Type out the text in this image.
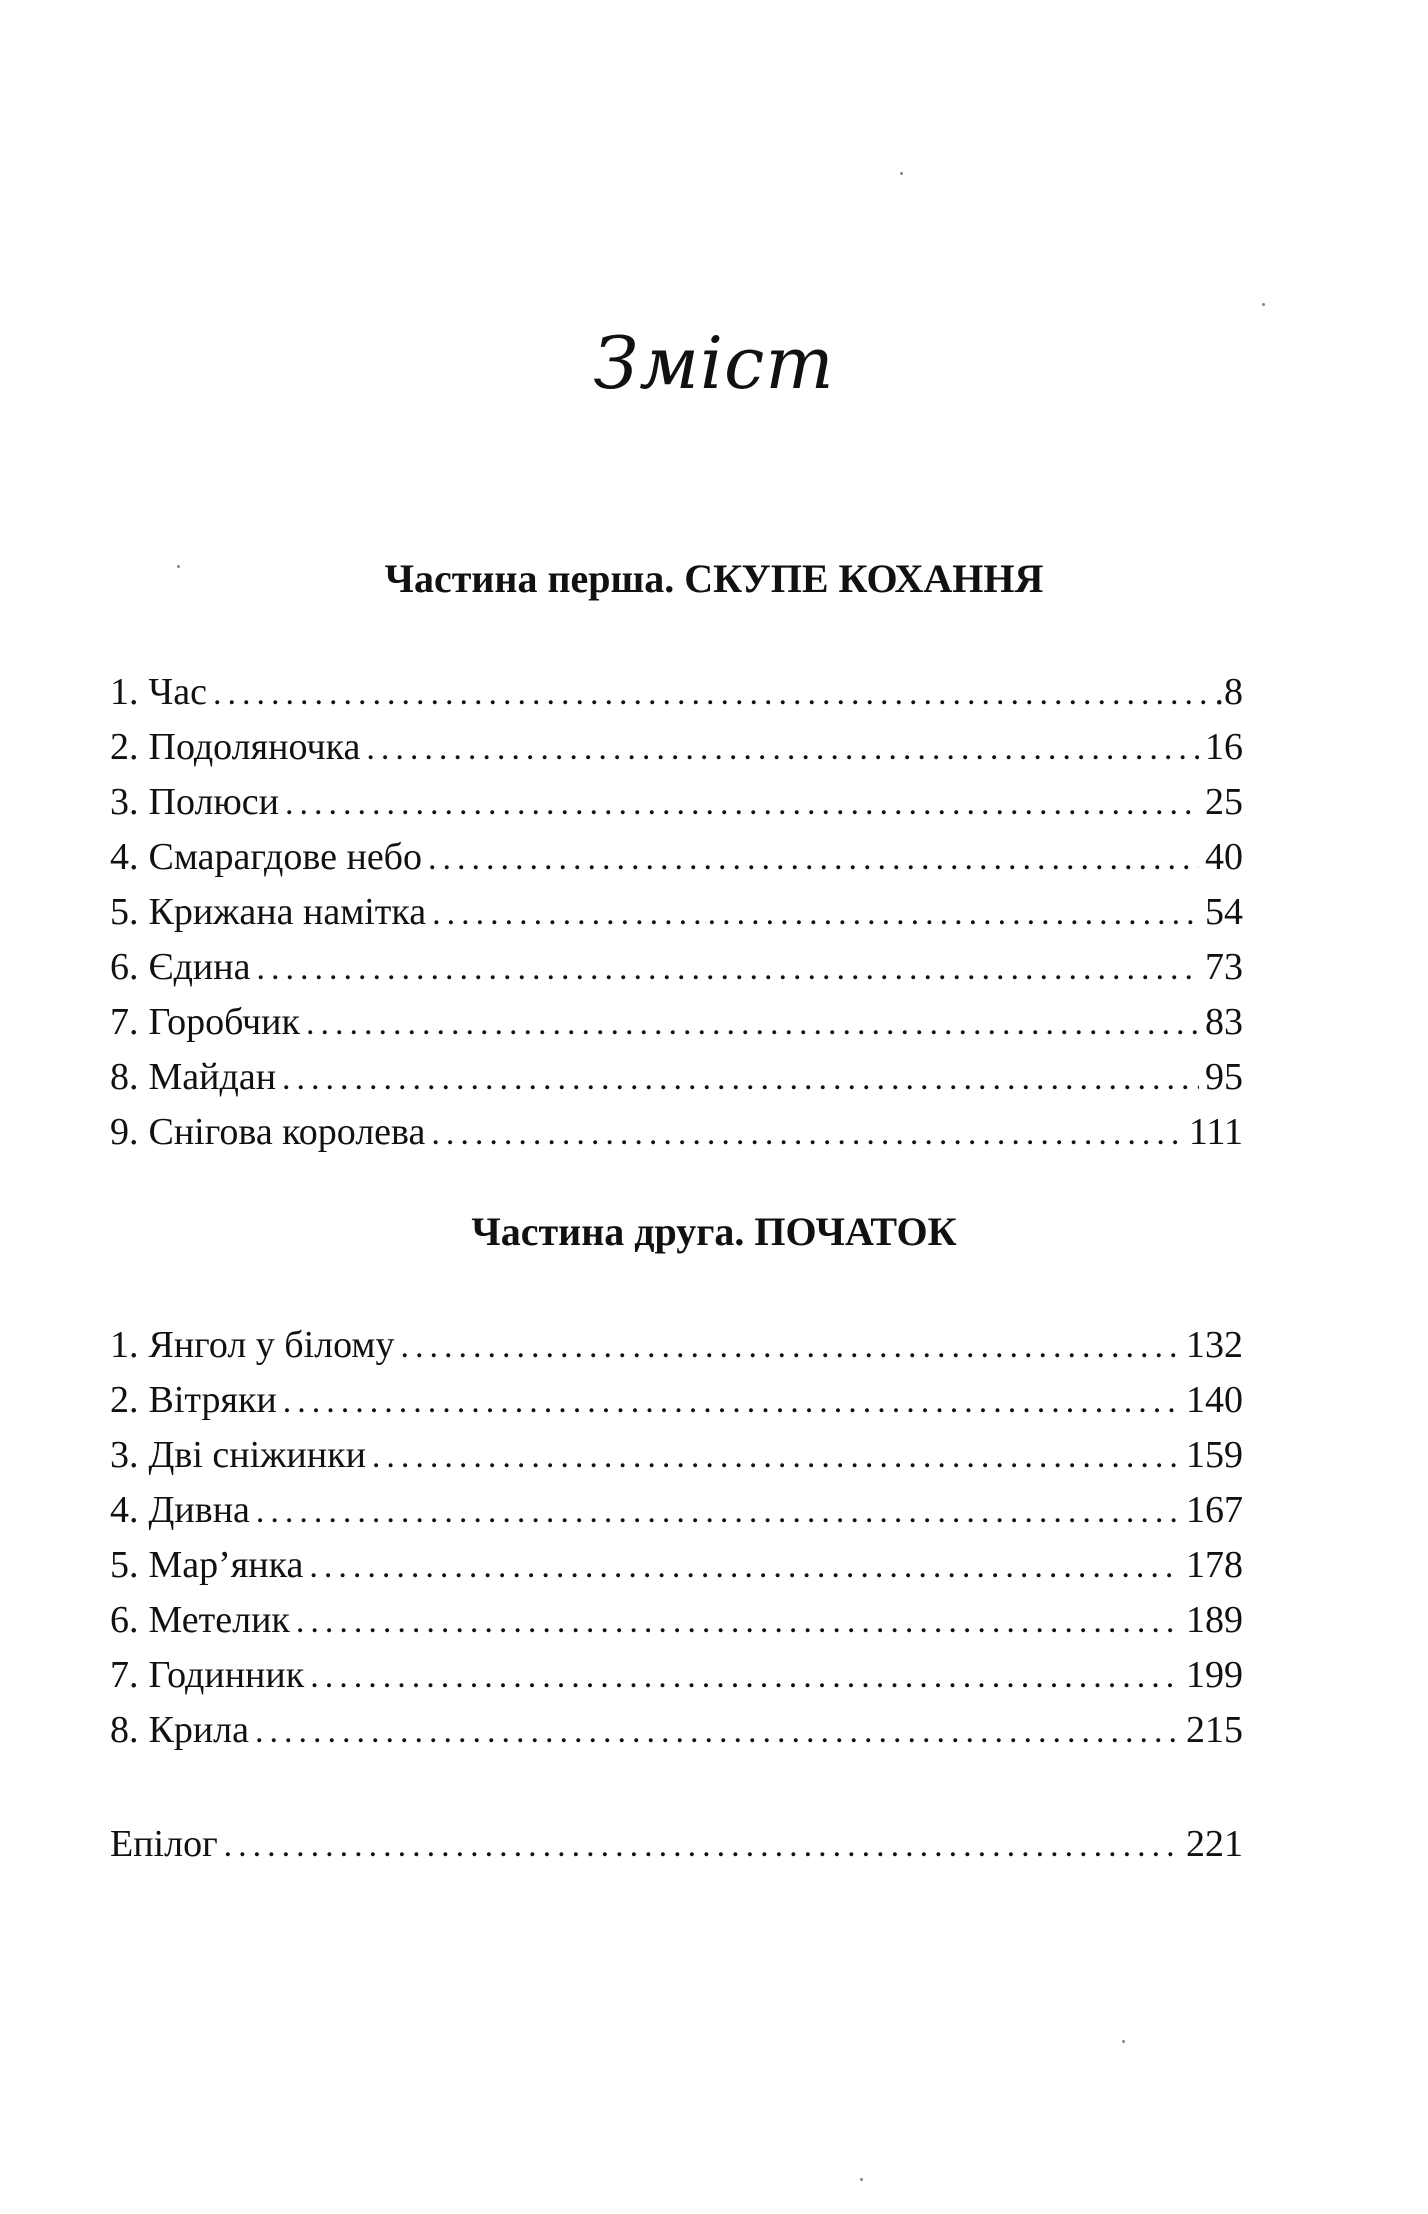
Зміст
Частина перша. СКУПЕ КОХАННЯ
1. Час .....	.8
2. Подоляночка .....	16
3. Полюси .....	25
4. Смарагдове небо .....	40
5. Крижана намітка .....	54
6. Єдина .....	73
7. Горобчик .....	83
8. Майдан .....	95
9. Снігова королева .....	111
Частина друга. ПОЧАТОК
1. Янгол у білому .....	132
2. Вітряки .....	140
3. Дві сніжинки .....	159
4. Дивна .....	167
5. Мар’янка .....	178
6. Метелик .....	189
7. Годинник .....	199
8. Крила .....	215
Епілог .....	221
